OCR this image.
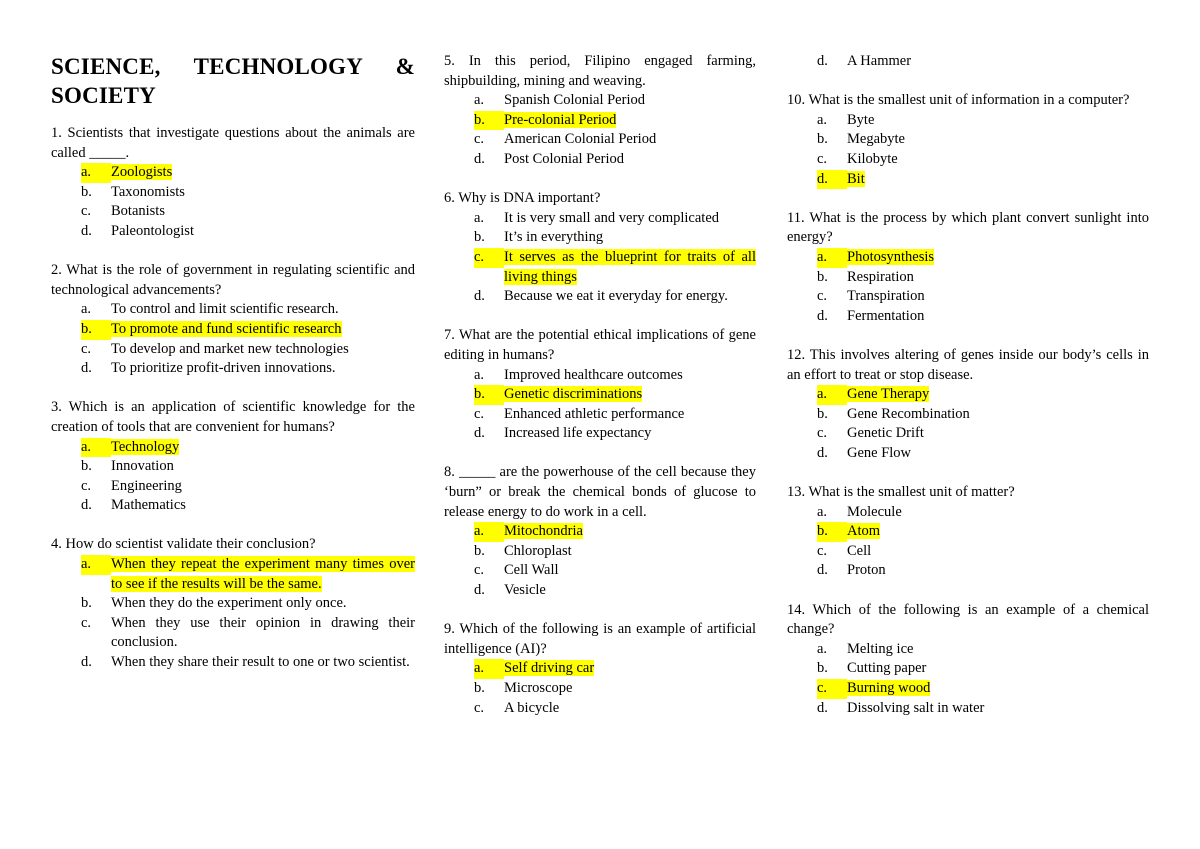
SCIENCE, TECHNOLOGY & SOCIETY
1. Scientists that investigate questions about the animals are called _____.
a.	Zoologists
b.	Taxonomists
c.	Botanists
d.	Paleontologist
2. What is the role of government in regulating scientific and technological advancements?
a.	To control and limit scientific research.
b.	To promote and fund scientific research
c.	To develop and market new technologies
d.	To prioritize profit-driven innovations.
3. Which is an application of scientific knowledge for the creation of tools that are convenient for humans?
a.	Technology
b.	Innovation
c.	Engineering
d.	Mathematics
4. How do scientist validate their conclusion?
a.	When they repeat the experiment many times over to see if the results will be the same.
b.	When they do the experiment only once.
c.	When they use their opinion in drawing their conclusion.
d.	When they share their result to one or two scientist.
5. In this period, Filipino engaged farming, shipbuilding, mining and weaving.
a.	Spanish Colonial Period
b.	Pre-colonial Period
c.	American Colonial Period
d.	Post Colonial Period
6. Why is DNA important?
a.	It is very small and very complicated
b.	It’s in everything
c.	It serves as the blueprint for traits of all living things
d.	Because we eat it everyday for energy.
7. What are the potential ethical implications of gene editing in humans?
a.	Improved healthcare outcomes
b.	Genetic discriminations
c.	Enhanced athletic performance
d.	Increased life expectancy
8. _____ are the powerhouse of the cell because they ‘burn” or break the chemical bonds of glucose to release energy to do work in a cell.
a.	Mitochondria
b.	Chloroplast
c.	Cell Wall
d.	Vesicle
9. Which of the following is an example of artificial intelligence (AI)?
a.	Self driving car
b.	Microscope
c.	A bicycle
d.	A Hammer
10. What is the smallest unit of information in a computer?
a.	Byte
b.	Megabyte
c.	Kilobyte
d.	Bit
11. What is the process by which plant convert sunlight into energy?
a.	Photosynthesis
b.	Respiration
c.	Transpiration
d.	Fermentation
12. This involves altering of genes inside our body’s cells in an effort to treat or stop disease.
a.	Gene Therapy
b.	Gene Recombination
c.	Genetic Drift
d.	Gene Flow
13. What is the smallest unit of matter?
a.	Molecule
b.	Atom
c.	Cell
d.	Proton
14. Which of the following is an example of a chemical change?
a.	Melting ice
b.	Cutting paper
c.	Burning wood
d.	Dissolving salt in water
